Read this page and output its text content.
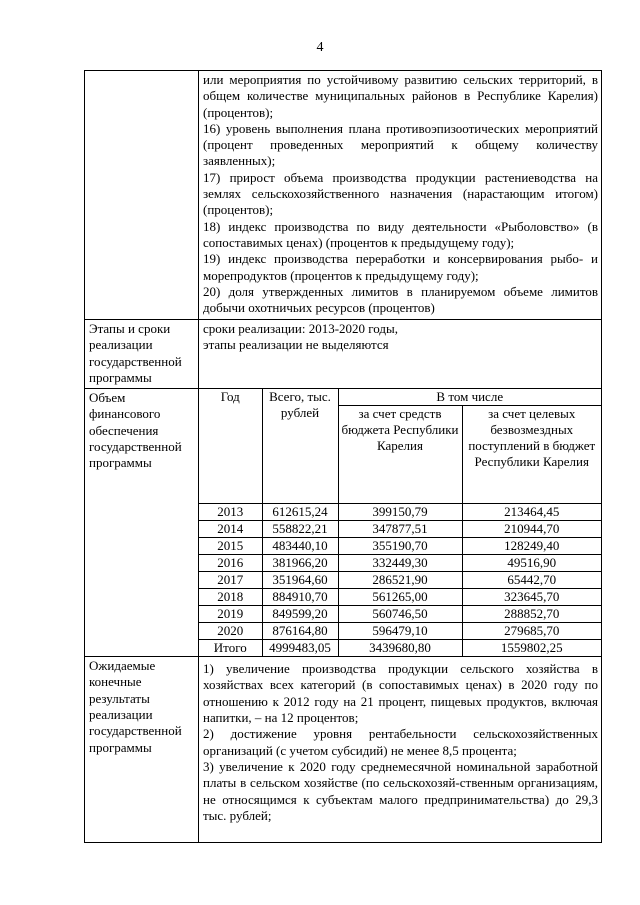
4

или мероприятия по устойчивому развитию сельских территорий, в общем количестве муниципальных районов в Республике Карелия) (процентов);
16) уровень выполнения плана противоэпизоотических мероприятий (процент проведенных мероприятий к общему количеству заявленных);
17) прирост объема производства продукции растениеводства на землях сельскохозяйственного назначения (нарастающим итогом) (процентов);
18) индекс производства по виду деятельности «Рыболовство» (в сопоставимых ценах) (процентов к предыдущему году);
19) индекс производства переработки и консервирования рыбо- и морепродуктов (процентов к предыдущему году);
20) доля утвержденных лимитов в планируемом объеме лимитов добычи охотничьих ресурсов (процентов)

Этапы и сроки реализации государственной программы	
сроки реализации: 2013-2020 годы,
этапы реализации не выделяются

Объем финансового обеспечения государственной программы	
Год	Всего, тыс. рублей	В том числе
за счет средств бюджета Республики Карелия	за счет целевых безвозмездных поступлений в бюджет Республики Карелия
2013	612615,24	399150,79	213464,45
2014	558822,21	347877,51	210944,70
2015	483440,10	355190,70	128249,40
2016	381966,20	332449,30	49516,90
2017	351964,60	286521,90	65442,70
2018	884910,70	561265,00	323645,70
2019	849599,20	560746,50	288852,70
2020	876164,80	596479,10	279685,70
Итого	4999483,05	3439680,80	1559802,25

Ожидаемые конечные результаты реализации государственной программы	
1) увеличение производства продукции сельского хозяйства в хозяйствах всех категорий (в сопоставимых ценах) в 2020 году по отношению к 2012 году на 21 процент, пищевых продуктов, включая напитки, – на 12 процентов;
2) достижение уровня рентабельности сельскохозяйственных организаций (с учетом субсидий) не менее 8,5 процента;
3) увеличение к 2020 году среднемесячной номинальной заработной платы в сельском хозяйстве (по сельскохозяй-ственным организациям, не относящимся к субъектам малого предпринимательства) до 29,3 тыс. рублей;
